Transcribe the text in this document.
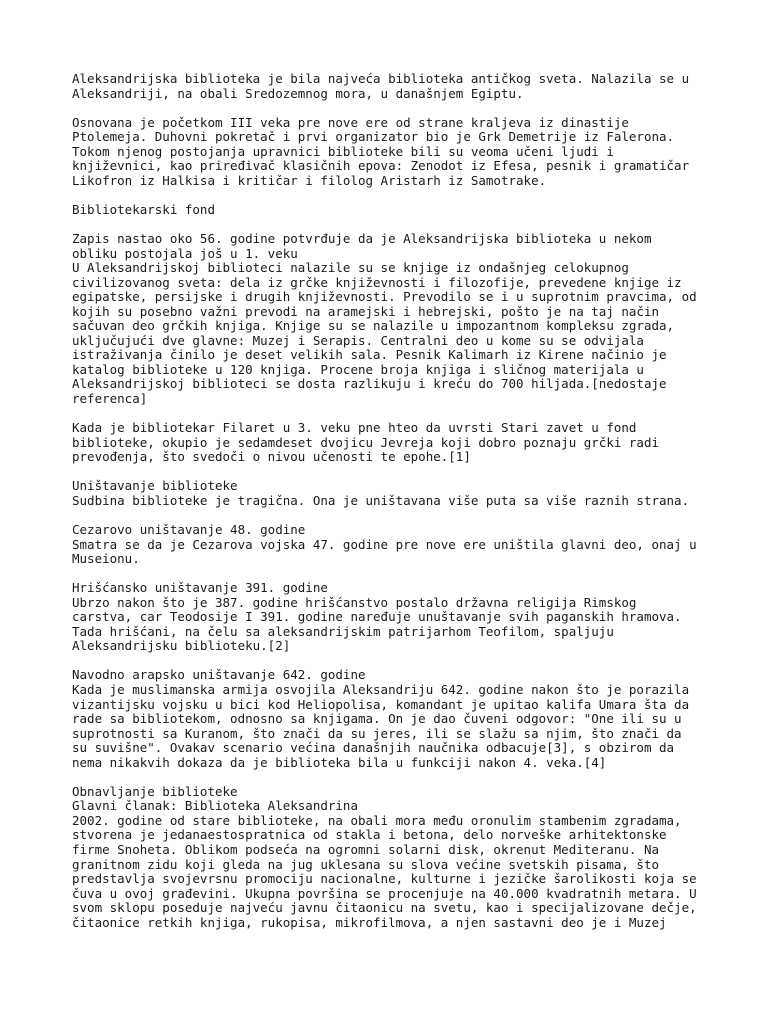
Aleksandrijska biblioteka je bila najveća biblioteka antičkog sveta. Nalazila se u
Aleksandriji, na obali Sredozemnog mora, u današnjem Egiptu.
Osnovana je početkom III veka pre nove ere od strane kraljeva iz dinastije
Ptolemeja. Duhovni pokretač i prvi organizator bio je Grk Demetrije iz Falerona.
Tokom njenog postojanja upravnici biblioteke bili su veoma učeni ljudi i
književnici, kao priređivač klasičnih epova: Zenodot iz Efesa, pesnik i gramatičar
Likofron iz Halkisa i kritičar i filolog Aristarh iz Samotrake.
Bibliotekarski fond
Zapis nastao oko 56. godine potvrđuje da je Aleksandrijska biblioteka u nekom
obliku postojala još u 1. veku
U Aleksandrijskoj biblioteci nalazile su se knjige iz ondašnjeg celokupnog
civilizovanog sveta: dela iz grčke književnosti i filozofije, prevedene knjige iz
egipatske, persijske i drugih književnosti. Prevodilo se i u suprotnim pravcima, od
kojih su posebno važni prevodi na aramejski i hebrejski, pošto je na taj način
sačuvan deo grčkih knjiga. Knjige su se nalazile u impozantnom kompleksu zgrada,
uključujući dve glavne: Muzej i Serapis. Centralni deo u kome su se odvijala
istraživanja činilo je deset velikih sala. Pesnik Kalimarh iz Kirene načinio je
katalog biblioteke u 120 knjiga. Procene broja knjiga i sličnog materijala u
Aleksandrijskoj biblioteci se dosta razlikuju i kreću do 700 hiljada.[nedostaje
referenca]
Kada je bibliotekar Filaret u 3. veku pne hteo da uvrsti Stari zavet u fond
biblioteke, okupio je sedamdeset dvojicu Jevreja koji dobro poznaju grčki radi
prevođenja, što svedoči o nivou učenosti te epohe.[1]
Uništavanje biblioteke
Sudbina biblioteke je tragična. Ona je uništavana više puta sa više raznih strana.
Cezarovo uništavanje 48. godine
Smatra se da je Cezarova vojska 47. godine pre nove ere uništila glavni deo, onaj u
Museionu.
Hrišćansko uništavanje 391. godine
Ubrzo nakon što je 387. godine hrišćanstvo postalo državna religija Rimskog
carstva, car Teodosije I 391. godine naređuje unuštavanje svih paganskih hramova.
Tada hrišćani, na čelu sa aleksandrijskim patrijarhom Teofilom, spaljuju
Aleksandrijsku biblioteku.[2]
Navodno arapsko uništavanje 642. godine
Kada je muslimanska armija osvojila Aleksandriju 642. godine nakon što je porazila
vizantijsku vojsku u bici kod Heliopolisa, komandant je upitao kalifa Umara šta da
rade sa bibliotekom, odnosno sa knjigama. On je dao čuveni odgovor: "One ili su u
suprotnosti sa Kuranom, što znači da su jeres, ili se slažu sa njim, što znači da
su suvišne". Ovakav scenario većina današnjih naučnika odbacuje[3], s obzirom da
nema nikakvih dokaza da je biblioteka bila u funkciji nakon 4. veka.[4]
Obnavljanje biblioteke
Glavni članak: Biblioteka Aleksandrina
2002. godine od stare biblioteke, na obali mora među oronulim stambenim zgradama,
stvorena je jedanaestospratnica od stakla i betona, delo norveške arhitektonske
firme Snoheta. Oblikom podseća na ogromni solarni disk, okrenut Mediteranu. Na
granitnom zidu koji gleda na jug uklesana su slova većine svetskih pisama, što
predstavlja svojevrsnu promociju nacionalne, kulturne i jezičke šarolikosti koja se
čuva u ovoj građevini. Ukupna površina se procenjuje na 40.000 kvadratnih metara. U
svom sklopu poseduje najveću javnu čitaonicu na svetu, kao i specijalizovane dečje,
čitaonice retkih knjiga, rukopisa, mikrofilmova, a njen sastavni deo je i Muzej
